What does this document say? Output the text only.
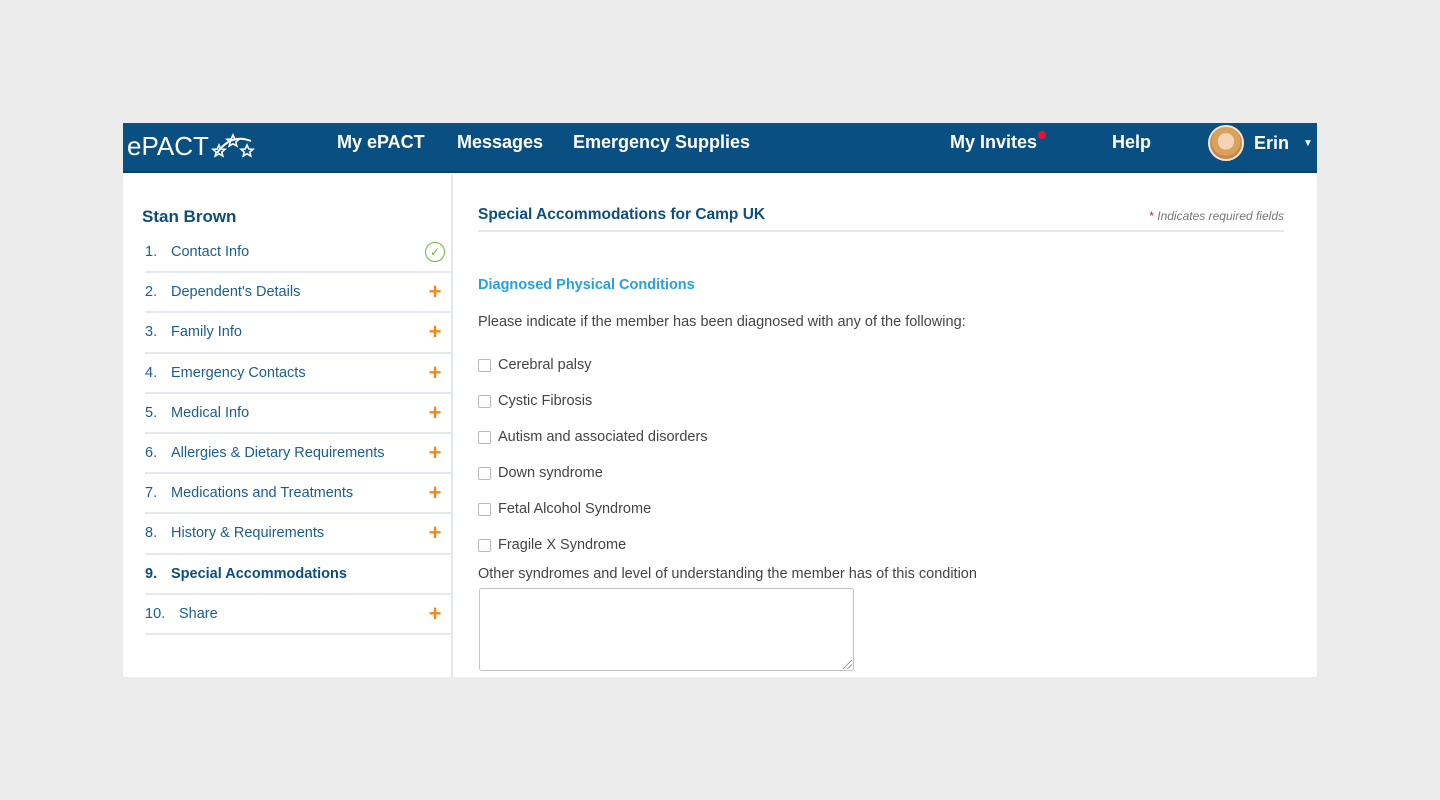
ePACT	My ePACT Messages Emergency Supplies	My Invites	Help	Erin ▼
Stan Brown
1. Contact Info	✓
2. Dependent's Details	+
3. Family Info	+
4. Emergency Contacts	+
5. Medical Info	+
6. Allergies & Dietary Requirements +
7. Medications and Treatments	+
8. History & Requirements	+
9. Special Accommodations
10. Share	+
Special Accommodations for Camp UK	* Indicates required fields
Diagnosed Physical Conditions
Please indicate if the member has been diagnosed with any of the following:
Cerebral palsy
Cystic Fibrosis
Autism and associated disorders
Down syndrome
Fetal Alcohol Syndrome
Fragile X Syndrome
Other syndromes and level of understanding the member has of this condition
